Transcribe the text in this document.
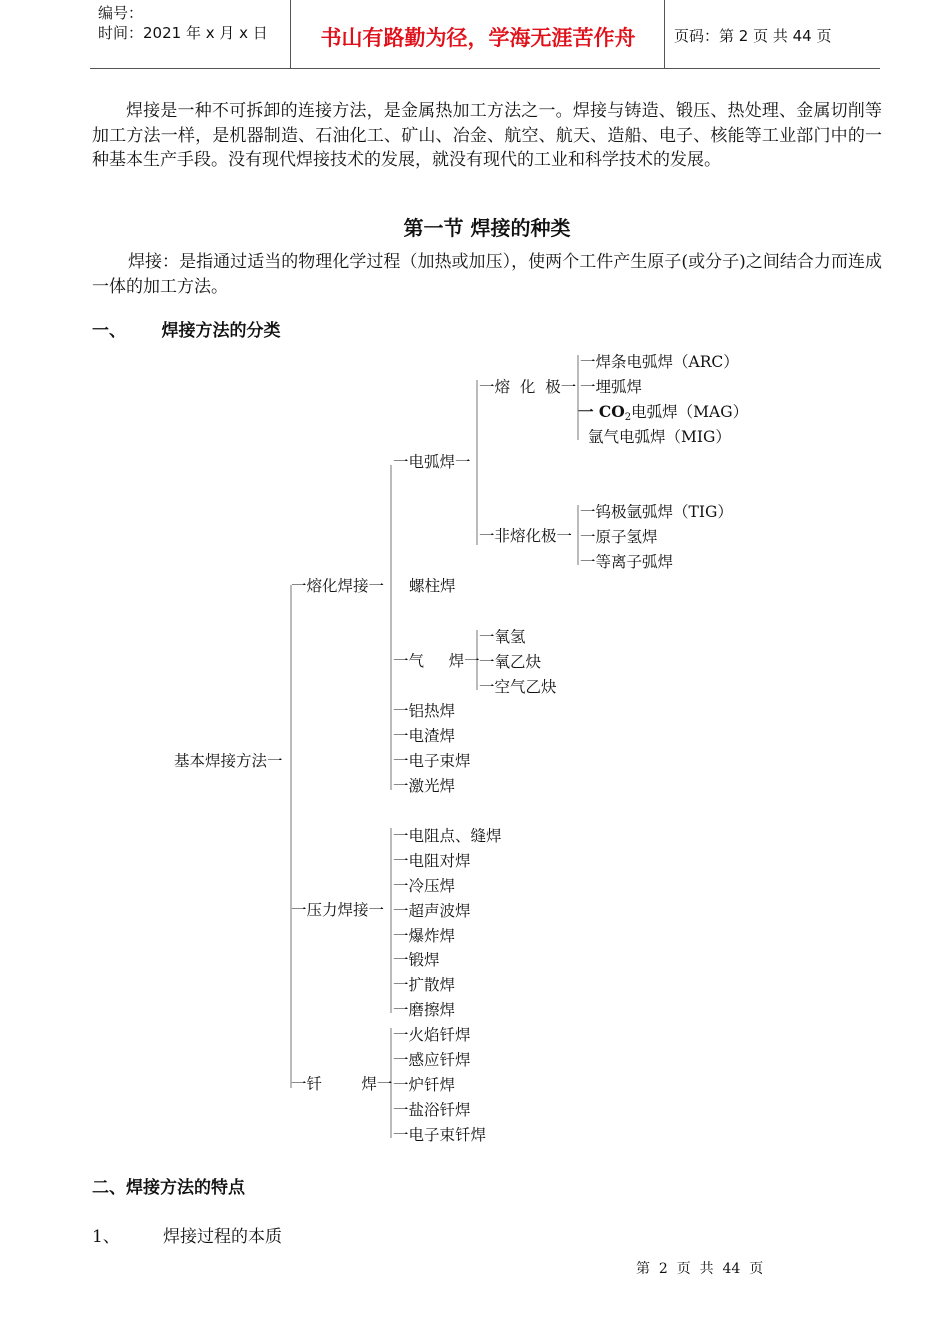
编号：
时间：2021 年 x 月 x 日	书山有路勤为径，学海无涯苦作舟	页码：第 2 页 共 44 页
焊接是一种不可拆卸的连接方法，是金属热加工方法之一。焊接与铸造、锻压、热处理、金属切削等加工方法一样，是机器制造、石油化工、矿山、冶金、航空、航天、造船、电子、核能等工业部门中的一种基本生产手段。没有现代焊接技术的发展，就没有现代的工业和科学技术的发展。
第一节 焊接的种类
焊接：是指通过适当的物理化学过程（加热或加压），使两个工件产生原子(或分子)之间结合力而连成一体的加工方法。
一、      焊接方法的分类
基本焊接方法一
一熔化焊接一
一压力焊接一
一钎        焊一
一电弧焊一
螺柱焊
一气     焊一
一铝热焊
一电渣焊
一电子束焊
一激光焊
一熔  化  极一
一非熔化极一
一焊条电弧焊（ARC）
一埋弧焊
一 CO2电弧焊（MAG）
氩气电弧焊（MIG）
一钨极氩弧焊（TIG）
一原子氢焊
一等离子弧焊
一氧氢
一氧乙炔
一空气乙炔
一电阻点、缝焊
一电阻对焊
一冷压焊
一超声波焊
一爆炸焊
一锻焊
一扩散焊
一磨擦焊
一火焰钎焊
一感应钎焊
一炉钎焊
一盐浴钎焊
一电子束钎焊
二、焊接方法的特点
1、        焊接过程的本质
第  2  页  共  44  页
